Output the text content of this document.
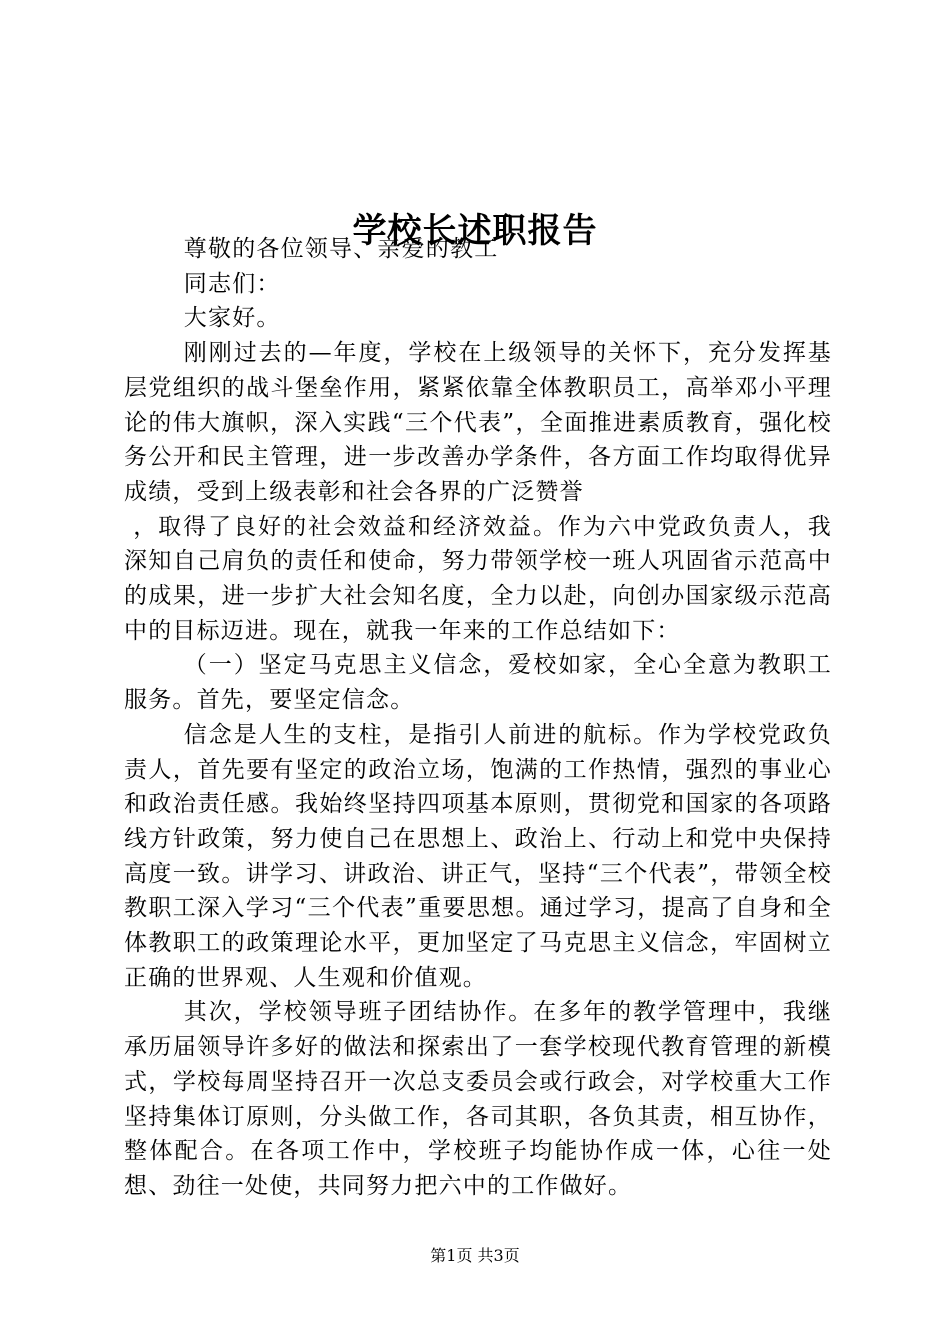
学校长述职报告

尊敬的各位领导、亲爱的教工

同志们：

大家好。

刚刚过去的—年度，学校在上级领导的关怀下，充分发挥基层党组织的战斗堡垒作用，紧紧依靠全体教职员工，高举邓小平理论的伟大旗帜，深入实践“三个代表”，全面推进素质教育，强化校务公开和民主管理，进一步改善办学条件，各方面工作均取得优异成绩，受到上级表彰和社会各界的广泛赞誉

，取得了良好的社会效益和经济效益。作为六中党政负责人，我深知自己肩负的责任和使命，努力带领学校一班人巩固省示范高中的成果，进一步扩大社会知名度，全力以赴，向创办国家级示范高中的目标迈进。现在，就我一年来的工作总结如下：

（一）坚定马克思主义信念，爱校如家，全心全意为教职工服务。首先，要坚定信念。

信念是人生的支柱，是指引人前进的航标。作为学校党政负责人，首先要有坚定的政治立场，饱满的工作热情，强烈的事业心和政治责任感。我始终坚持四项基本原则，贯彻党和国家的各项路线方针政策，努力使自己在思想上、政治上、行动上和党中央保持高度一致。讲学习、讲政治、讲正气，坚持“三个代表”，带领全校教职工深入学习“三个代表”重要思想。通过学习，提高了自身和全体教职工的政策理论水平，更加坚定了马克思主义信念，牢固树立正确的世界观、人生观和价值观。

其次，学校领导班子团结协作。在多年的教学管理中，我继承历届领导许多好的做法和探索出了一套学校现代教育管理的新模式，学校每周坚持召开一次总支委员会或行政会，对学校重大工作坚持集体订原则，分头做工作，各司其职，各负其责，相互协作，整体配合。在各项工作中，学校班子均能协作成一体，心往一处想、劲往一处使，共同努力把六中的工作做好。

第1页 共3页
